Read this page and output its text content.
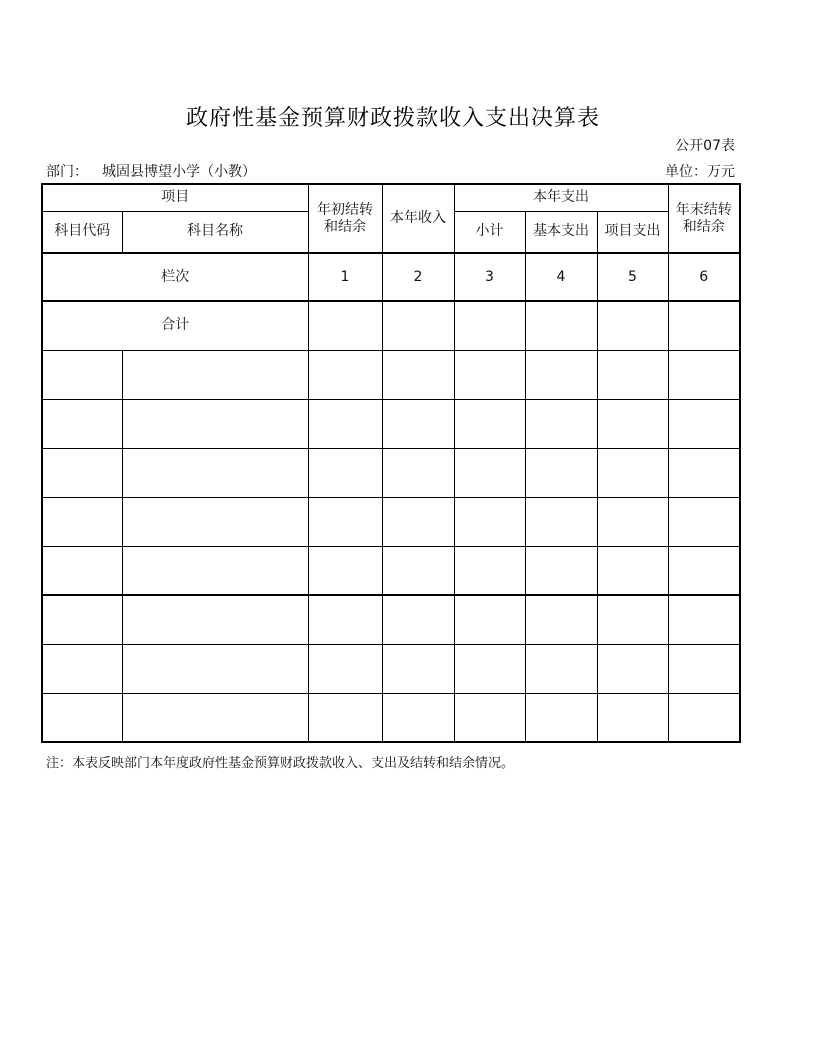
政府性基金预算财政拨款收入支出决算表
公开07表
部门： 城固县博望小学（小教）	单位：万元
项目		年初结转和结余	本年收入	本年支出			年末结转和结余
科目代码	科目名称			小计	基本支出	项目支出	
栏次		1	2	3	4	5	6
合计							

注：本表反映部门本年度政府性基金预算财政拨款收入、支出及结转和结余情况。
